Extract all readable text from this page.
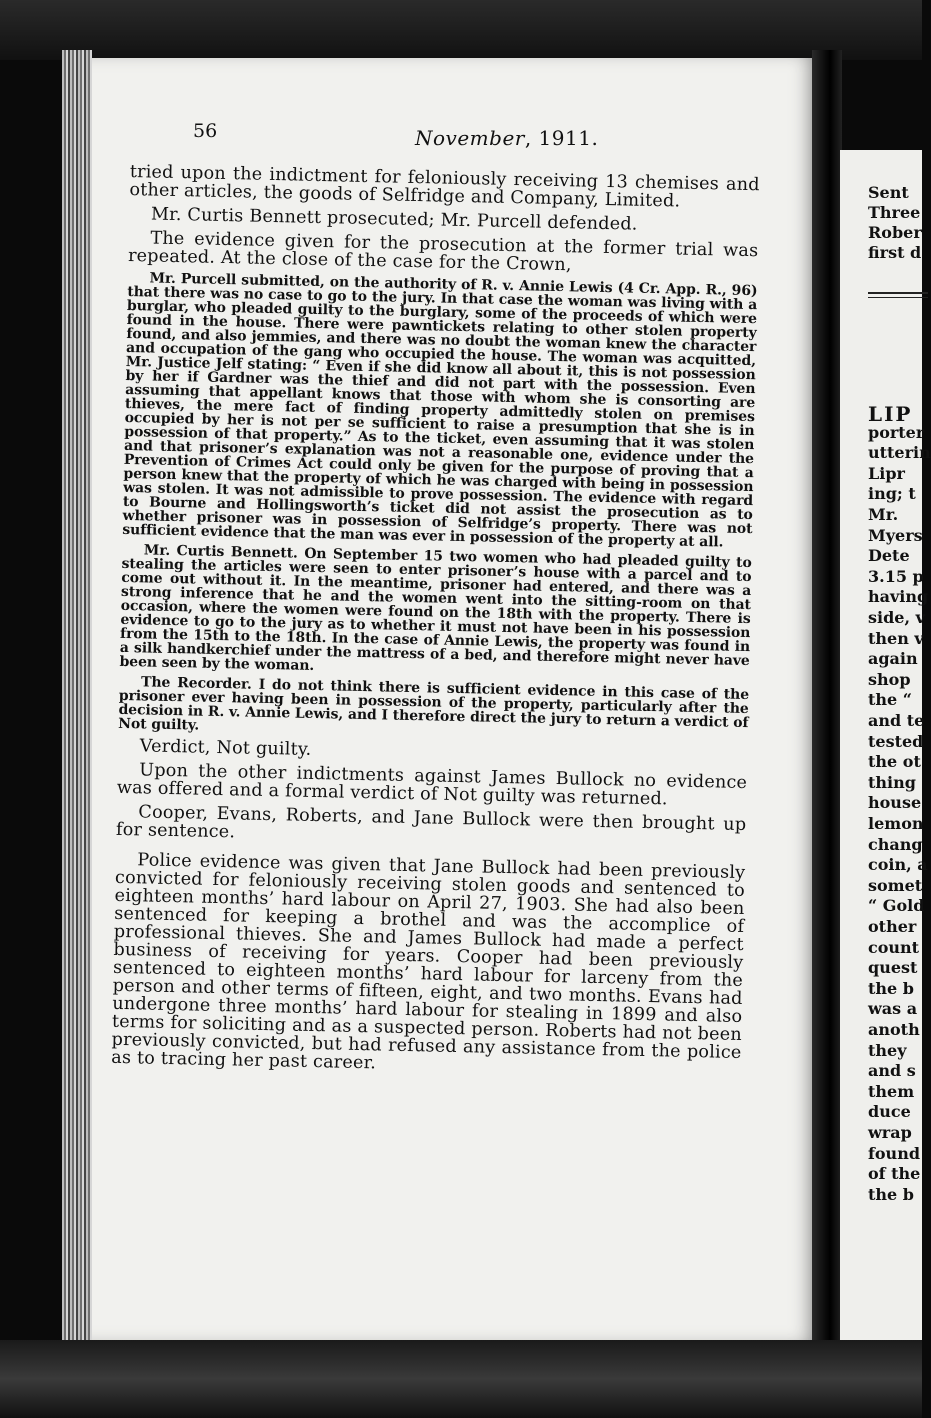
56	November, 1911.

tried upon the indictment for feloniously receiving 13 chemises and other articles, the goods of Selfridge and Company, Limited.

Mr. Curtis Bennett prosecuted; Mr. Purcell defended.

The evidence given for the prosecution at the former trial was repeated. At the close of the case for the Crown,

Mr. Purcell submitted, on the authority of R. v. Annie Lewis (4 Cr. App. R., 96) that there was no case to go to the jury. In that case the woman was living with a burglar, who pleaded guilty to the burglary, some of the proceeds of which were found in the house. There were pawntickets relating to other stolen property found, and also jemmies, and there was no doubt the woman knew the character and occupation of the gang who occupied the house. The woman was acquitted, Mr. Justice Jelf stating: “ Even if she did know all about it, this is not possession by her if Gardner was the thief and did not part with the possession. Even assuming that appellant knows that those with whom she is consorting are thieves, the mere fact of finding property admittedly stolen on premises occupied by her is not per se sufficient to raise a presumption that she is in possession of that property.” As to the ticket, even assuming that it was stolen and that prisoner’s explanation was not a reasonable one, evidence under the Prevention of Crimes Act could only be given for the purpose of proving that a person knew that the property of which he was charged with being in possession was stolen. It was not admissible to prove possession. The evidence with regard to Bourne and Hollingsworth’s ticket did not assist the prosecution as to whether prisoner was in possession of Selfridge’s property. There was not sufficient evidence that the man was ever in possession of the property at all.

Mr. Curtis Bennett. On September 15 two women who had pleaded guilty to stealing the articles were seen to enter prisoner’s house with a parcel and to come out without it. In the meantime, prisoner had entered, and there was a strong inference that he and the women went into the sitting-room on that occasion, where the women were found on the 18th with the property. There is evidence to go to the jury as to whether it must not have been in his possession from the 15th to the 18th. In the case of Annie Lewis, the property was found in a silk handkerchief under the mattress of a bed, and therefore might never have been seen by the woman.

The Recorder. I do not think there is sufficient evidence in this case of the prisoner ever having been in possession of the property, particularly after the decision in R. v. Annie Lewis, and I therefore direct the jury to return a verdict of Not guilty.

Verdict, Not guilty.

Upon the other indictments against James Bullock no evidence was offered and a formal verdict of Not guilty was returned.

Cooper, Evans, Roberts, and Jane Bullock were then brought up for sentence.

Police evidence was given that Jane Bullock had been previously convicted for feloniously receiving stolen goods and sentenced to eighteen months’ hard labour on April 27, 1903. She had also been sentenced for keeping a brothel and was the accomplice of professional thieves. She and James Bullock had made a perfect business of receiving for years. Cooper had been previously sentenced to eighteen months’ hard labour for larceny from the person and other terms of fifteen, eight, and two months. Evans had undergone three months’ hard labour for stealing in 1899 and also terms for soliciting and as a suspected person. Roberts had not been previously convicted, but had refused any assistance from the police as to tracing her past career.

Sent
Three
Rober
first d
LIP
porter
utterin
Lipr
ing; t
Mr.
Myers
Dete
3.15 p
having
side, v
then v
again
shop
the “
and te
tested
the ot
thing
house
lemon
chang
coin, a
somet
“ Gold
other
count
quest
the b
was a
anoth
they
and s
them
duce
wrap
found
of the
the b
